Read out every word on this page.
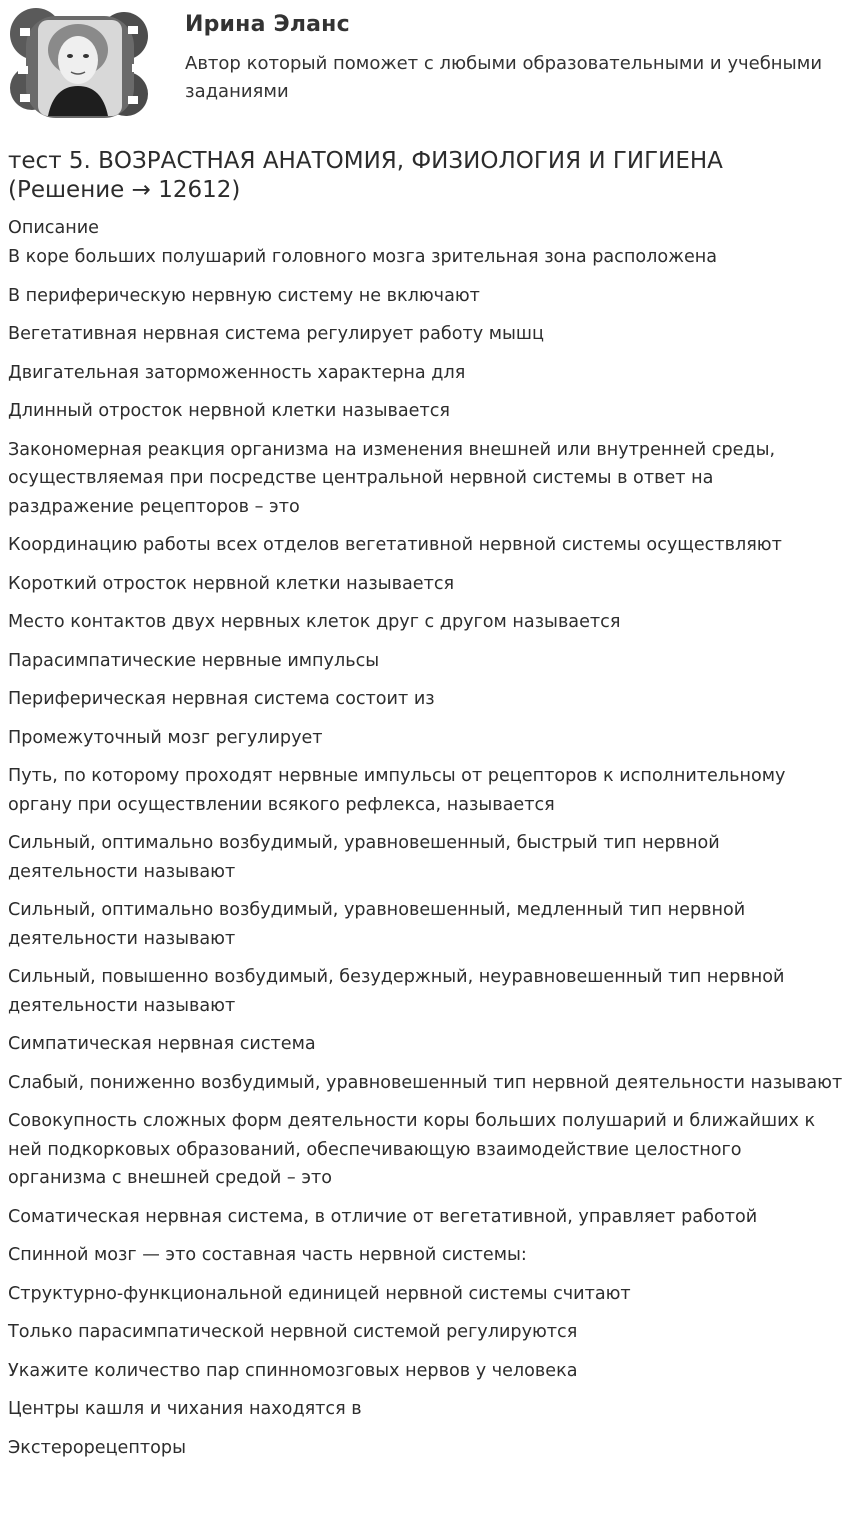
Ирина Эланс
Автор который поможет с любыми образовательными и учебными заданиями
тест 5. ВОЗРАСТНАЯ АНАТОМИЯ, ФИЗИОЛОГИЯ И ГИГИЕНА (Решение → 12612)
Описание
В коре больших полушарий головного мозга зрительная зона расположена
В периферическую нервную систему не включают
Вегетативная нервная система регулирует работу мышц
Двигательная заторможенность характерна для
Длинный отросток нервной клетки называется
Закономерная реакция организма на изменения внешней или внутренней среды, осуществляемая при посредстве центральной нервной системы в ответ на раздражение рецепторов – это
Координацию работы всех отделов вегетативной нервной системы осуществляют
Короткий отросток нервной клетки называется
Место контактов двух нервных клеток друг с другом называется
Парасимпатические нервные импульсы
Периферическая нервная система состоит из
Промежуточный мозг регулирует
Путь, по которому проходят нервные импульсы от рецепторов к исполнительному органу при осуществлении всякого рефлекса, называется
Сильный, оптимально возбудимый, уравновешенный, быстрый тип нервной деятельности называют
Сильный, оптимально возбудимый, уравновешенный, медленный тип нервной деятельности называют
Сильный, повышенно возбудимый, безудержный, неуравновешенный тип нервной деятельности называют
Симпатическая нервная система
Слабый, пониженно возбудимый, уравновешенный тип нервной деятельности называют
Совокупность сложных форм деятельности коры больших полушарий и ближайших к ней подкорковых образований, обеспечивающую взаимодействие целостного организма с внешней средой – это
Соматическая нервная система, в отличие от вегетативной, управляет работой
Спинной мозг — это составная часть нервной системы:
Структурно-функциональной единицей нервной системы считают
Только парасимпатической нервной системой регулируются
Укажите количество пар спинномозговых нервов у человека
Центры кашля и чихания находятся в
Экстерорецепторы
